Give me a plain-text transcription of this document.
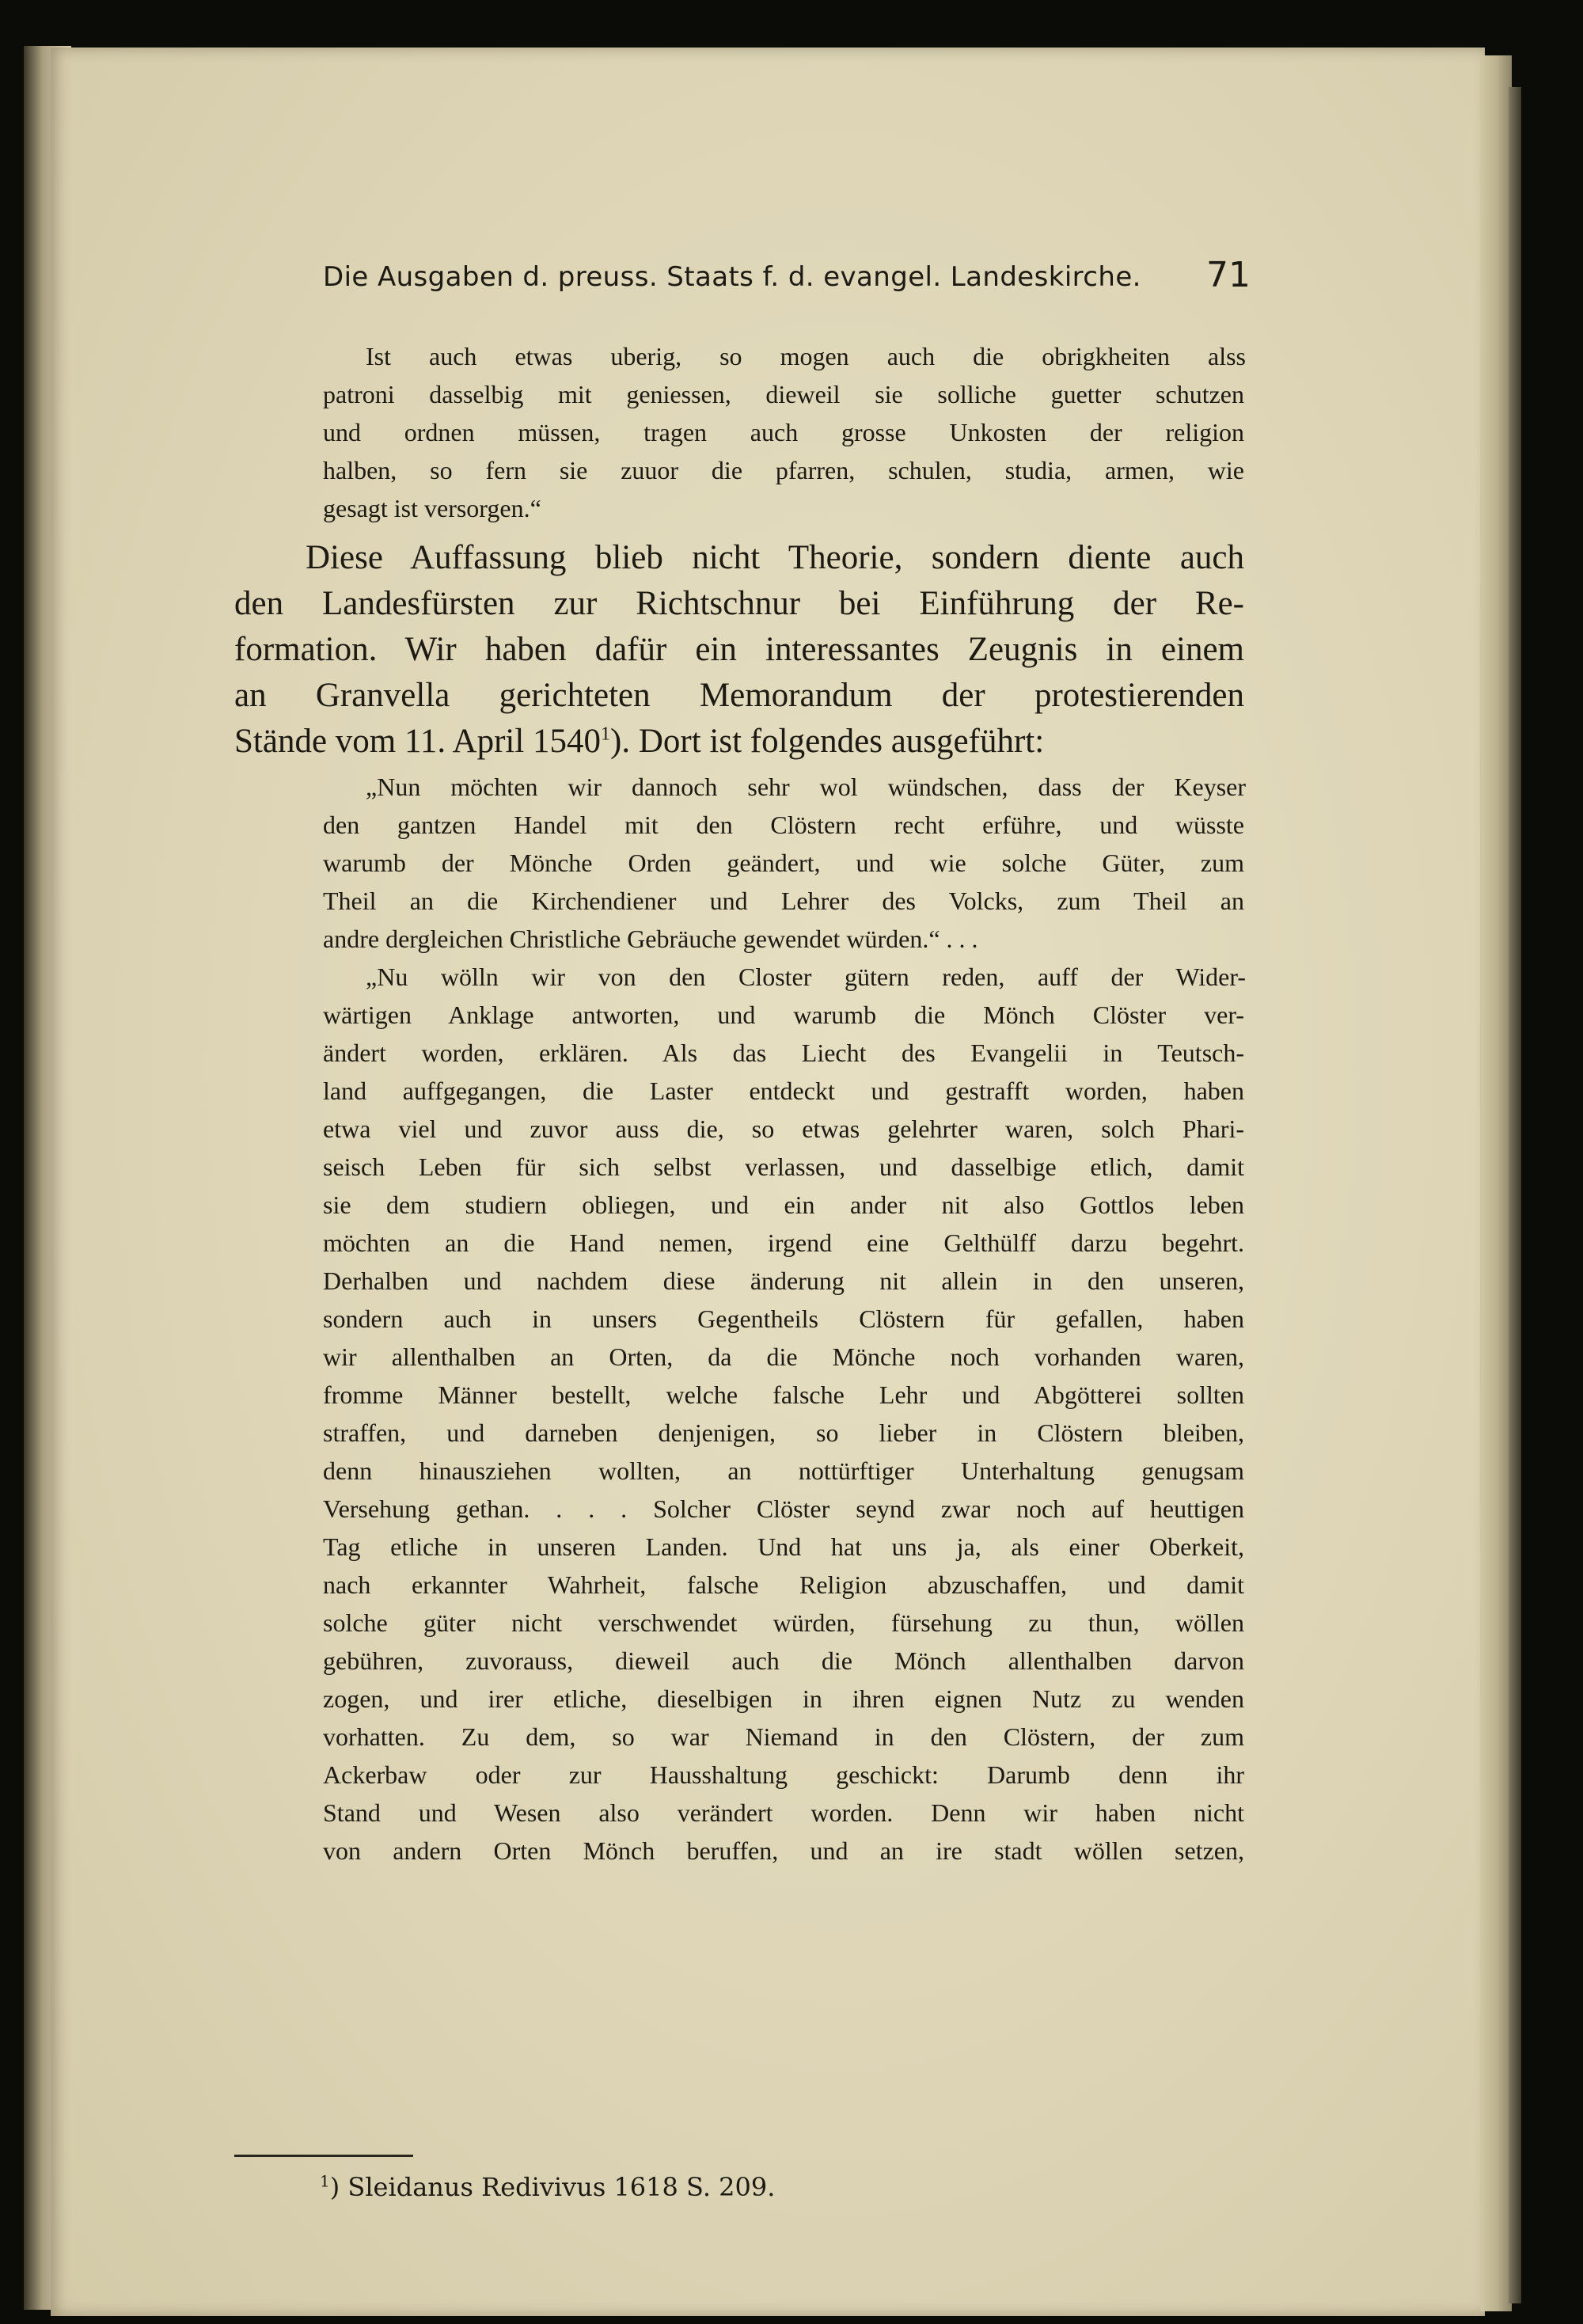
Die Ausgaben d. preuss. Staats f. d. evangel. Landeskirche. 71
Ist auch etwas uberig, so mogen auch die obrigkheiten alss
patroni dasselbig mit geniessen, dieweil sie solliche guetter schutzen
und ordnen müssen, tragen auch grosse Unkosten der religion
halben, so fern sie zuuor die pfarren, schulen, studia, armen, wie
gesagt ist versorgen.“
Diese Auffassung blieb nicht Theorie, sondern diente auch
den Landesfürsten zur Richtschnur bei Einführung der Re-
formation. Wir haben dafür ein interessantes Zeugnis in einem
an Granvella gerichteten Memorandum der protestierenden
Stände vom 11. April 1540$^1$). Dort ist folgendes ausgeführt:
„Nun möchten wir dannoch sehr wol wündschen, dass der Keyser
den gantzen Handel mit den Clöstern recht erführe, und wüsste
warumb der Mönche Orden geändert, und wie solche Güter, zum
Theil an die Kirchendiener und Lehrer des Volcks, zum Theil an
andre dergleichen Christliche Gebräuche gewendet würden.“ . . .
„Nu wölln wir von den Closter gütern reden, auff der Wider-
wärtigen Anklage antworten, und warumb die Mönch Clöster ver-
ändert worden, erklären. Als das Liecht des Evangelii in Teutsch-
land auffgegangen, die Laster entdeckt und gestrafft worden, haben
etwa viel und zuvor auss die, so etwas gelehrter waren, solch Phari-
seisch Leben für sich selbst verlassen, und dasselbige etlich, damit
sie dem studiern obliegen, und ein ander nit also Gottlos leben
möchten an die Hand nemen, irgend eine Gelthülff darzu begehrt.
Derhalben und nachdem diese änderung nit allein in den unseren,
sondern auch in unsers Gegentheils Clöstern für gefallen, haben
wir allenthalben an Orten, da die Mönche noch vorhanden waren,
fromme Männer bestellt, welche falsche Lehr und Abgötterei sollten
straffen, und darneben denjenigen, so lieber in Clöstern bleiben,
denn hinausziehen wollten, an nottürftiger Unterhaltung genugsam
Versehung gethan. . . . Solcher Clöster seynd zwar noch auf heuttigen
Tag etliche in unseren Landen. Und hat uns ja, als einer Oberkeit,
nach erkannter Wahrheit, falsche Religion abzuschaffen, und damit
solche güter nicht verschwendet würden, fürsehung zu thun, wöllen
gebühren, zuvorauss, dieweil auch die Mönch allenthalben darvon
zogen, und irer etliche, dieselbigen in ihren eignen Nutz zu wenden
vorhatten. Zu dem, so war Niemand in den Clöstern, der zum
Ackerbaw oder zur Hausshaltung geschickt: Darumb denn ihr
Stand und Wesen also verändert worden. Denn wir haben nicht
von andern Orten Mönch beruffen, und an ire stadt wöllen setzen,
$^1$) Sleidanus Redivivus 1618 S. 209.
